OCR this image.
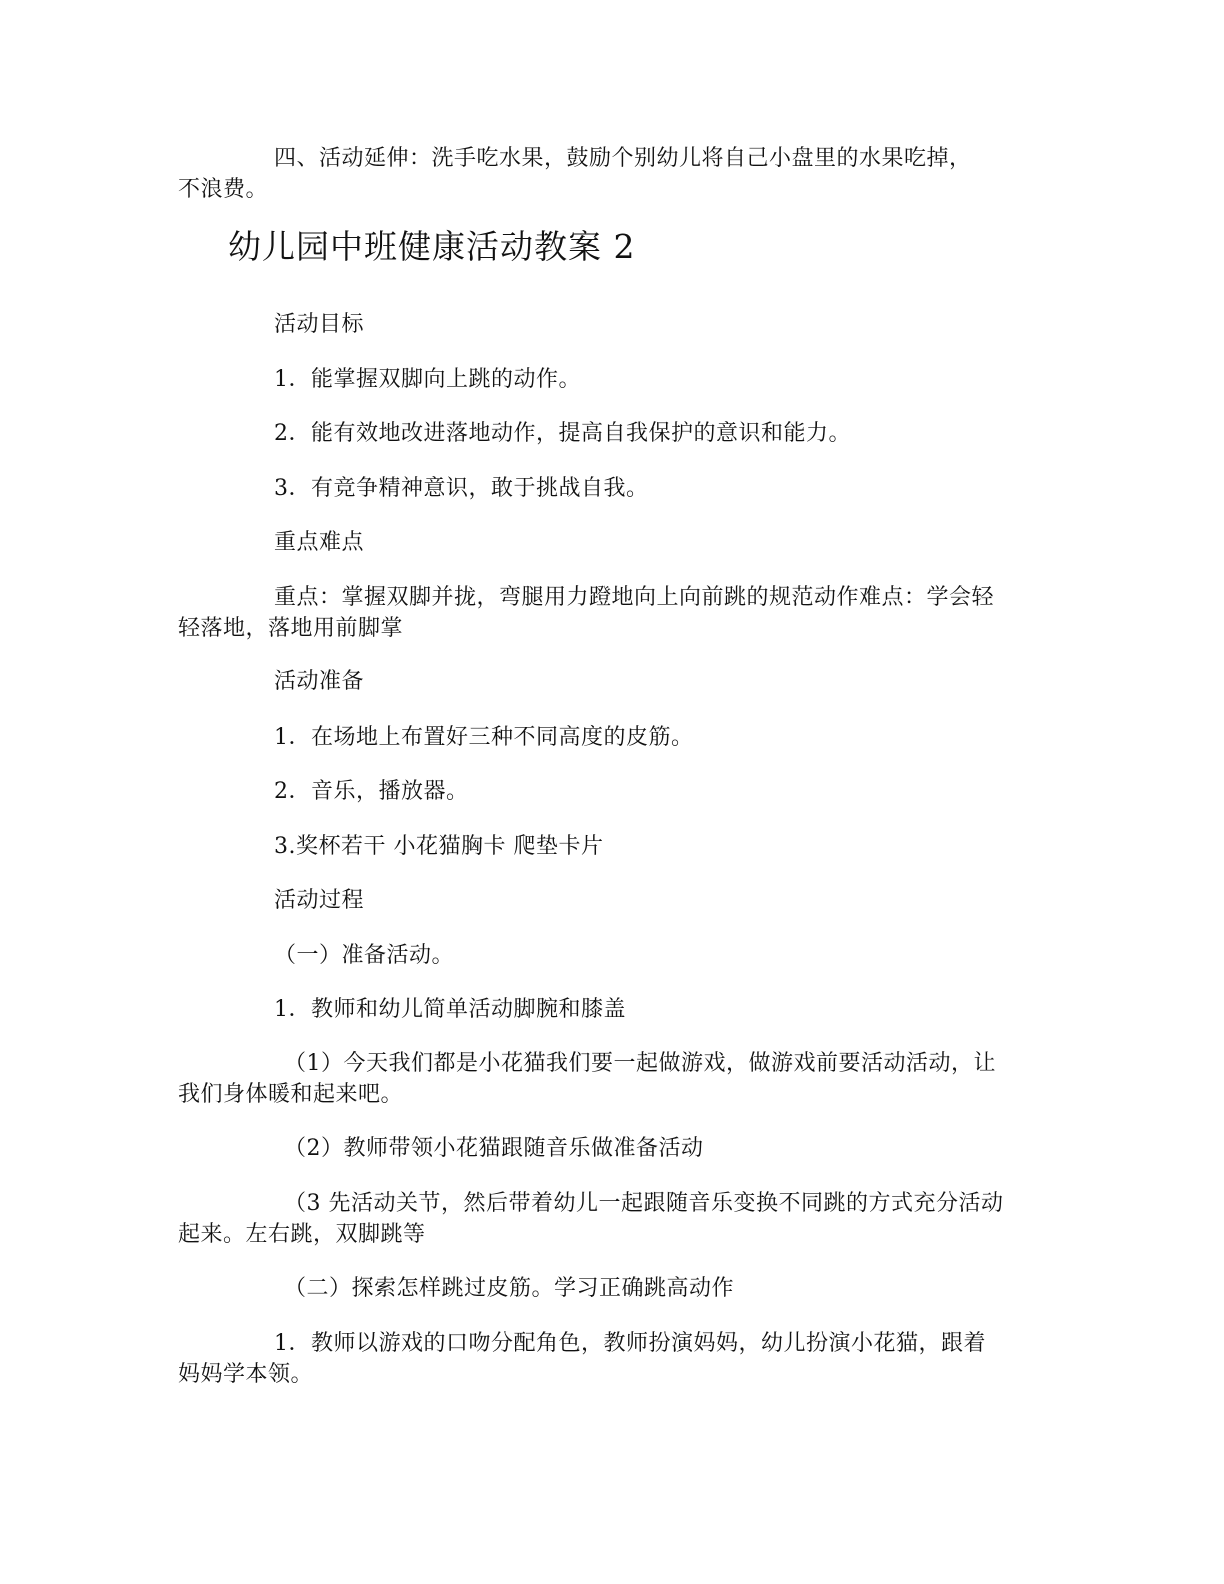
四、活动延伸：洗手吃水果，鼓励个别幼儿将自己小盘里的水果吃掉，
不浪费。
幼儿园中班健康活动教案 2
活动目标
1．能掌握双脚向上跳的动作。
2．能有效地改进落地动作，提高自我保护的意识和能力。
3．有竞争精神意识，敢于挑战自我。
重点难点
重点：掌握双脚并拢，弯腿用力蹬地向上向前跳的规范动作难点：学会轻
轻落地，落地用前脚掌
活动准备
1．在场地上布置好三种不同高度的皮筋。
2．音乐，播放器。
3.奖杯若干 小花猫胸卡 爬垫卡片
活动过程
（一）准备活动。
1．教师和幼儿简单活动脚腕和膝盖
（1）今天我们都是小花猫我们要一起做游戏，做游戏前要活动活动，让
我们身体暖和起来吧。
（2）教师带领小花猫跟随音乐做准备活动
（3 先活动关节，然后带着幼儿一起跟随音乐变换不同跳的方式充分活动
起来。左右跳，双脚跳等
（二）探索怎样跳过皮筋。学习正确跳高动作
1．教师以游戏的口吻分配角色，教师扮演妈妈，幼儿扮演小花猫，跟着
妈妈学本领。
